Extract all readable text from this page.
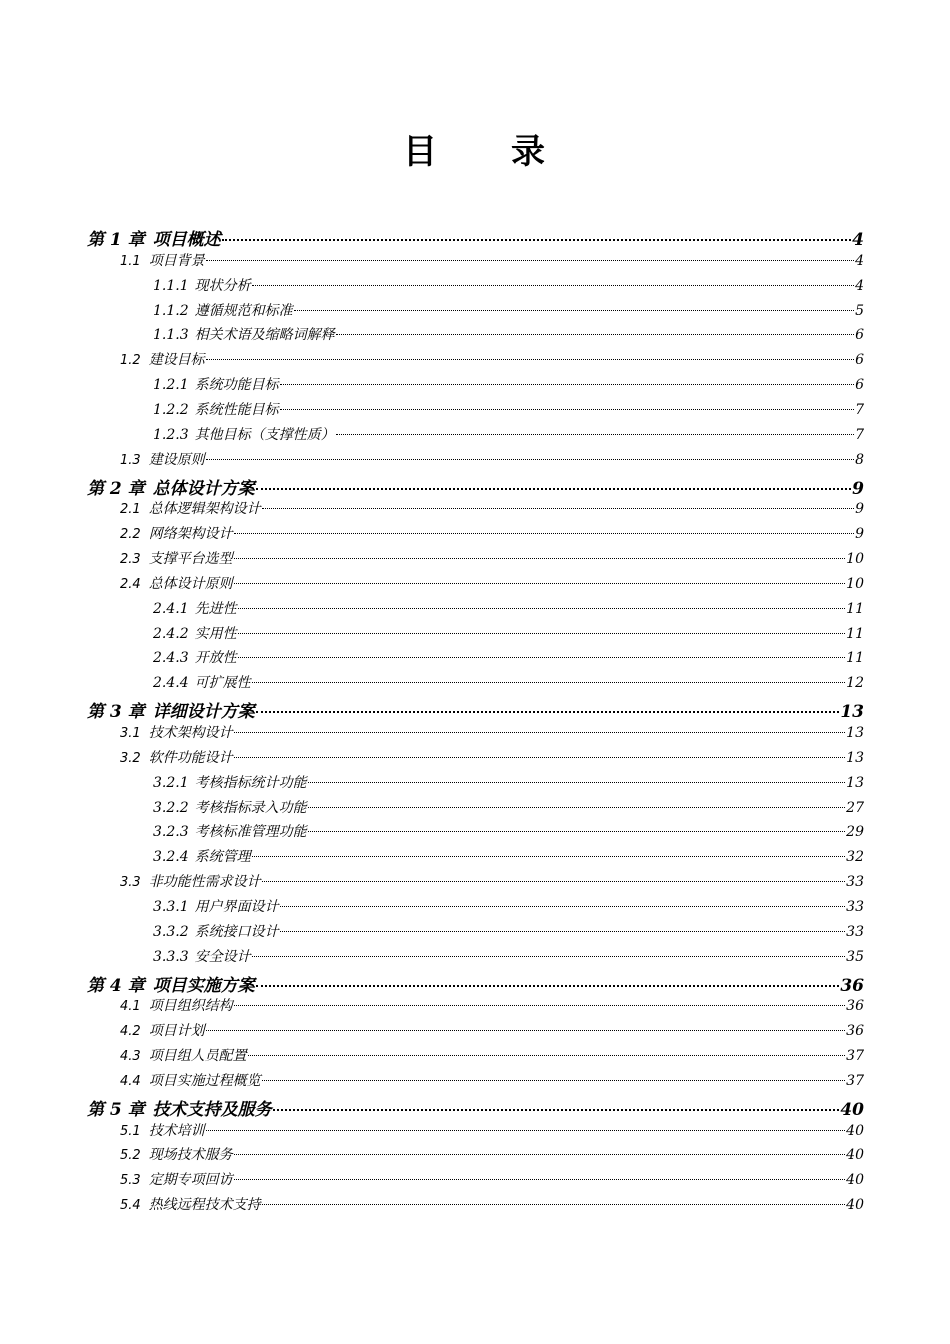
目　　录
第 1 章 项目概述	4
1.1 项目背景	4
1.1.1 现状分析	4
1.1.2 遵循规范和标准	5
1.1.3 相关术语及缩略词解释	6
1.2 建设目标	6
1.2.1 系统功能目标	6
1.2.2 系统性能目标	7
1.2.3 其他目标（支撑性质）	7
1.3 建设原则	8
第 2 章 总体设计方案	9
2.1 总体逻辑架构设计	9
2.2 网络架构设计	9
2.3 支撑平台选型	10
2.4 总体设计原则	10
2.4.1 先进性	11
2.4.2 实用性	11
2.4.3 开放性	11
2.4.4 可扩展性	12
第 3 章 详细设计方案	13
3.1 技术架构设计	13
3.2 软件功能设计	13
3.2.1 考核指标统计功能	13
3.2.2 考核指标录入功能	27
3.2.3 考核标准管理功能	29
3.2.4 系统管理	32
3.3 非功能性需求设计	33
3.3.1 用户界面设计	33
3.3.2 系统接口设计	33
3.3.3 安全设计	35
第 4 章 项目实施方案	36
4.1 项目组织结构	36
4.2 项目计划	36
4.3 项目组人员配置	37
4.4 项目实施过程概览	37
第 5 章 技术支持及服务	40
5.1 技术培训	40
5.2 现场技术服务	40
5.3 定期专项回访	40
5.4 热线远程技术支持	40
